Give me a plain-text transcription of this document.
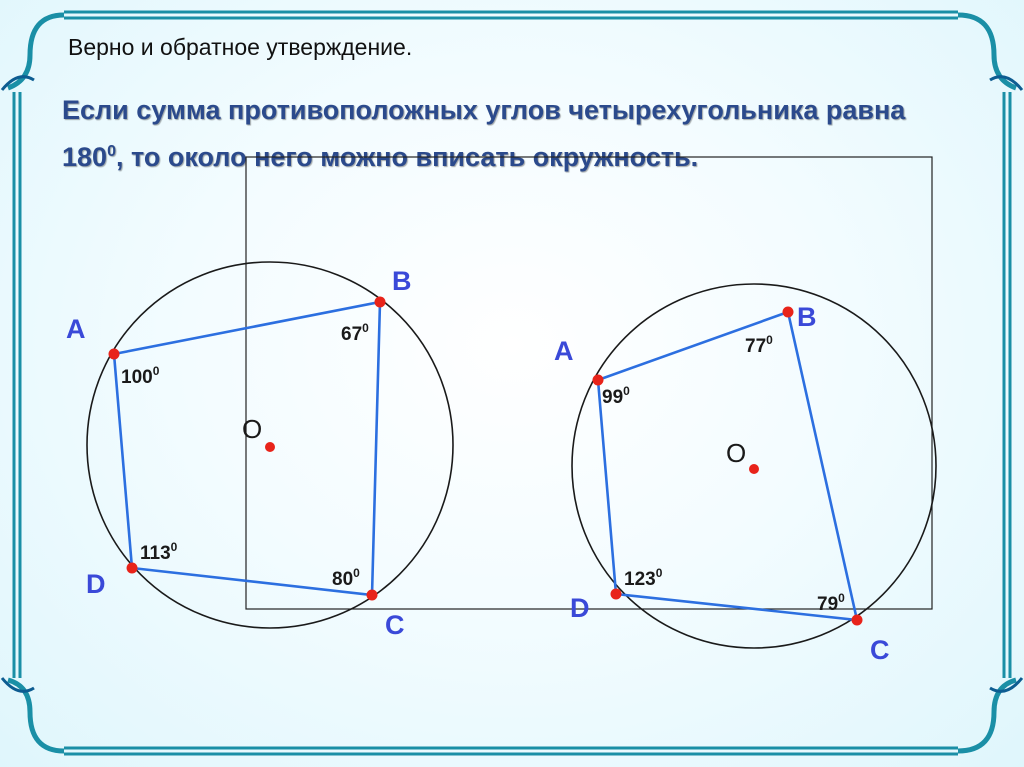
Верно и обратное утверждение.
Если сумма противоположных углов четырехугольника равна $180^0$, то около него можно вписать окружность.
O
A
B
C
D
$100^0$
$67^0$
$80^0$
$113^0$
O
A
B
C
D
$99^0$
$77^0$
$79^0$
$123^0$
